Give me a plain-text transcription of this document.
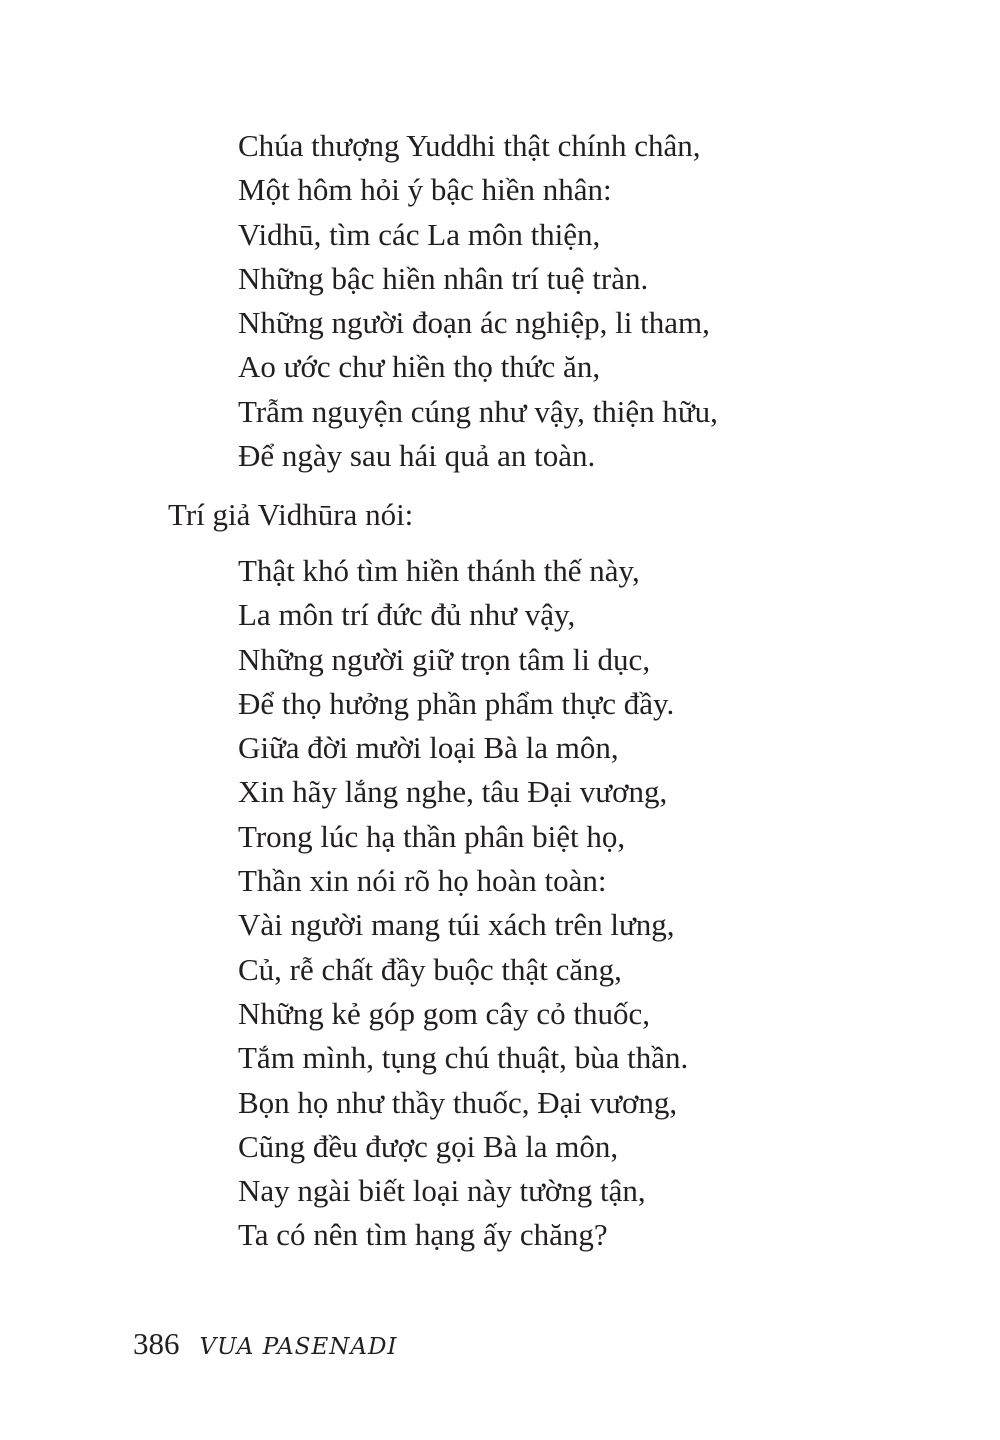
Chúa thượng Yuddhi thật chính chân,
Một hôm hỏi ý bậc hiền nhân:
Vidhū, tìm các La môn thiện,
Những bậc hiền nhân trí tuệ tràn.
Những người đoạn ác nghiệp, li tham,
Ao ước chư hiền thọ thức ăn,
Trẫm nguyện cúng như vậy, thiện hữu,
Để ngày sau hái quả an toàn.
Trí giả Vidhūra nói:
Thật khó tìm hiền thánh thế này,
La môn trí đức đủ như vậy,
Những người giữ trọn tâm li dục,
Để thọ hưởng phần phẩm thực đầy.
Giữa đời mười loại Bà la môn,
Xin hãy lắng nghe, tâu Đại vương,
Trong lúc hạ thần phân biệt họ,
Thần xin nói rõ họ hoàn toàn:
Vài người mang túi xách trên lưng,
Củ, rễ chất đầy buộc thật căng,
Những kẻ góp gom cây cỏ thuốc,
Tắm mình, tụng chú thuật, bùa thần.
Bọn họ như thầy thuốc, Đại vương,
Cũng đều được gọi Bà la môn,
Nay ngài biết loại này tường tận,
Ta có nên tìm hạng ấy chăng?
386 VUA PASENADI
